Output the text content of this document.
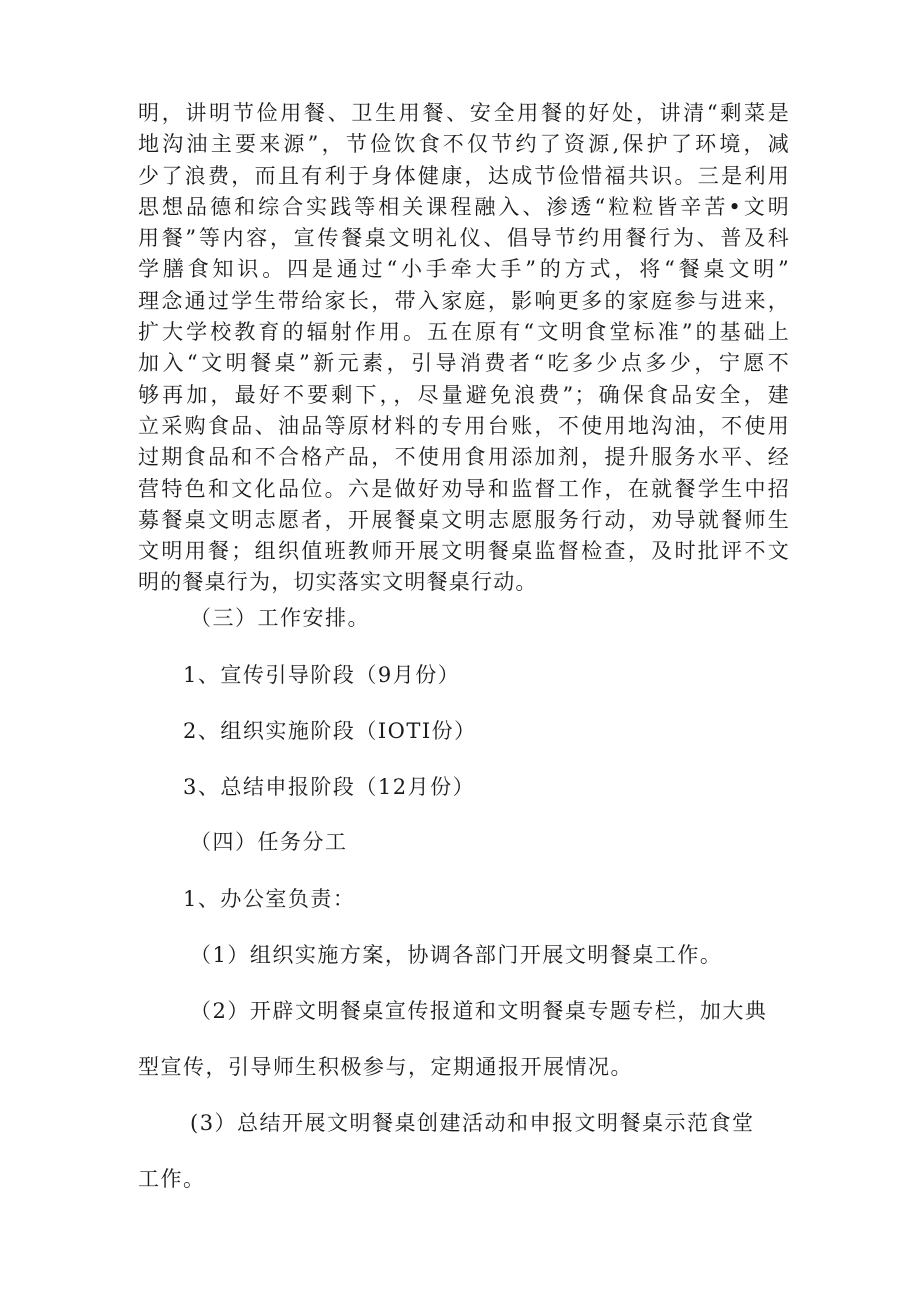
明，讲明节俭用餐、卫生用餐、安全用餐的好处，讲清“剩菜是
地沟油主要来源”，节俭饮食不仅节约了资源,保护了环境，减
少了浪费，而且有利于身体健康，达成节俭惜福共识。三是利用
思想品德和综合实践等相关课程融入、渗透“粒粒皆辛苦•文明
用餐”等内容，宣传餐桌文明礼仪、倡导节约用餐行为、普及科
学膳食知识。四是通过“小手牵大手”的方式，将“餐桌文明”
理念通过学生带给家长，带入家庭，影响更多的家庭参与进来，
扩大学校教育的辐射作用。五在原有“文明食堂标准”的基础上
加入“文明餐桌”新元素，引导消费者“吃多少点多少，宁愿不
够再加，最好不要剩下，，尽量避免浪费”；确保食品安全，建
立采购食品、油品等原材料的专用台账，不使用地沟油，不使用
过期食品和不合格产品，不使用食用添加剂，提升服务水平、经
营特色和文化品位。六是做好劝导和监督工作，在就餐学生中招
募餐桌文明志愿者，开展餐桌文明志愿服务行动，劝导就餐师生
文明用餐；组织值班教师开展文明餐桌监督检查，及时批评不文
明的餐桌行为，切实落实文明餐桌行动。
（三）工作安排。
1、宣传引导阶段（9月份）
2、组织实施阶段（IOTI份）
3、总结申报阶段（12月份）
（四）任务分工
1、办公室负责：
（1）组织实施方案，协调各部门开展文明餐桌工作。
（2）开辟文明餐桌宣传报道和文明餐桌专题专栏，加大典
型宣传，引导师生积极参与，定期通报开展情况。
(3）总结开展文明餐桌创建活动和申报文明餐桌示范食堂
工作。
